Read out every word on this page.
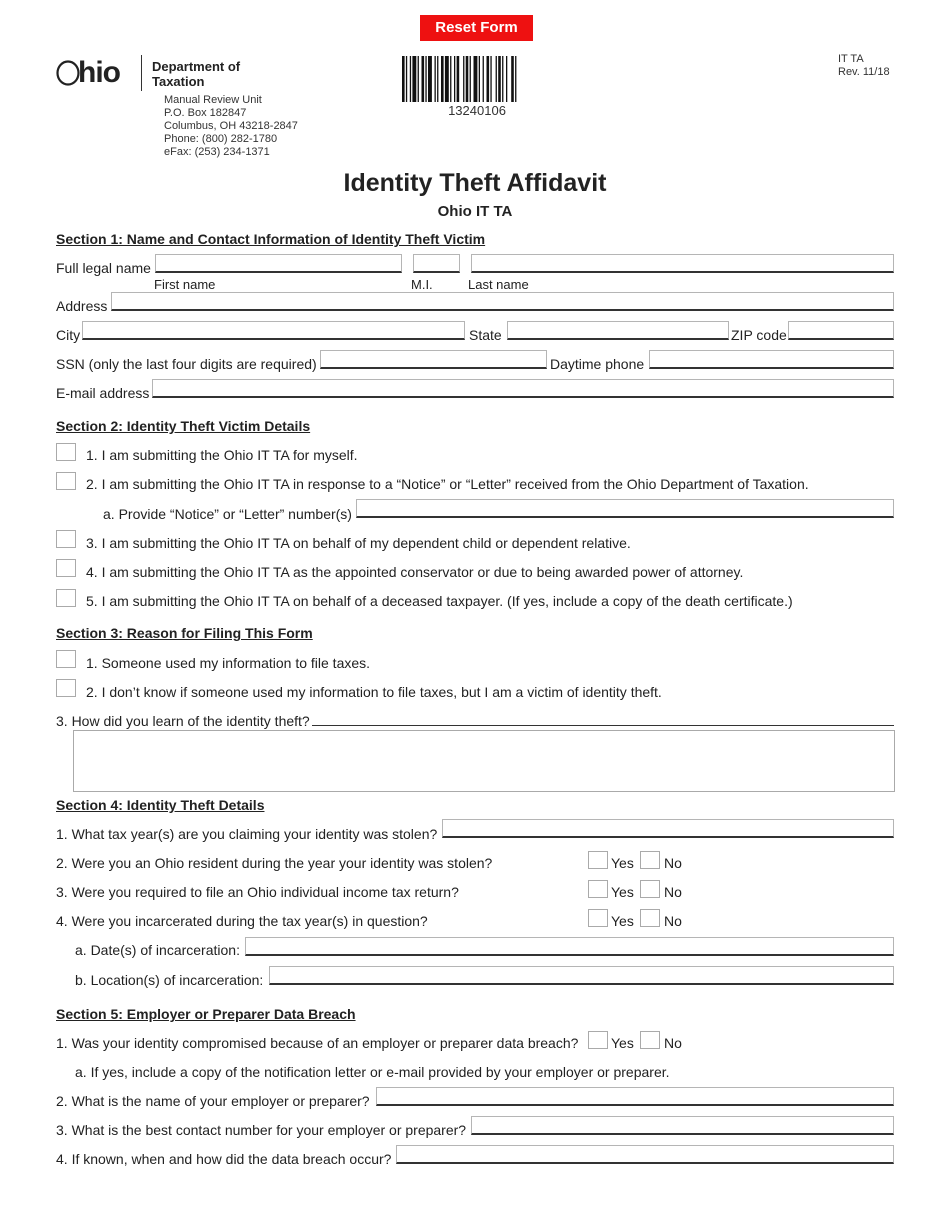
Reset Form
hio Department of
Taxation
Manual Review Unit
P.O. Box 182847
Columbus, OH 43218-2847
Phone: (800) 282-1780
eFax: (253) 234-1371
13240106
IT TA
Rev. 11/18
Identity Theft Affidavit
Ohio IT TA
Section 1: Name and Contact Information of Identity Theft Victim
Full legal name
First name	M.I.	Last name
Address
City	State	ZIP code
SSN (only the last four digits are required)	Daytime phone
E-mail address
Section 2: Identity Theft Victim Details
1. I am submitting the Ohio IT TA for myself.
2. I am submitting the Ohio IT TA in response to a “Notice” or “Letter” received from the Ohio Department of Taxation.
a. Provide “Notice” or “Letter” number(s)
3. I am submitting the Ohio IT TA on behalf of my dependent child or dependent relative.
4. I am submitting the Ohio IT TA as the appointed conservator or due to being awarded power of attorney.
5. I am submitting the Ohio IT TA on behalf of a deceased taxpayer. (If yes, include a copy of the death certificate.)
Section 3: Reason for Filing This Form
1. Someone used my information to file taxes.
2. I don’t know if someone used my information to file taxes, but I am a victim of identity theft.
3. How did you learn of the identity theft?
Section 4: Identity Theft Details
1. What tax year(s) are you claiming your identity was stolen?
2. Were you an Ohio resident during the year your identity was stolen?	Yes No
3. Were you required to file an Ohio individual income tax return?	Yes No
4. Were you incarcerated during the tax year(s) in question?	Yes No
a. Date(s) of incarceration:
b. Location(s) of incarceration:
Section 5: Employer or Preparer Data Breach
1. Was your identity compromised because of an employer or preparer data breach? Yes No
a. If yes, include a copy of the notification letter or e-mail provided by your employer or preparer.
2. What is the name of your employer or preparer?
3. What is the best contact number for your employer or preparer?
4. If known, when and how did the data breach occur?
